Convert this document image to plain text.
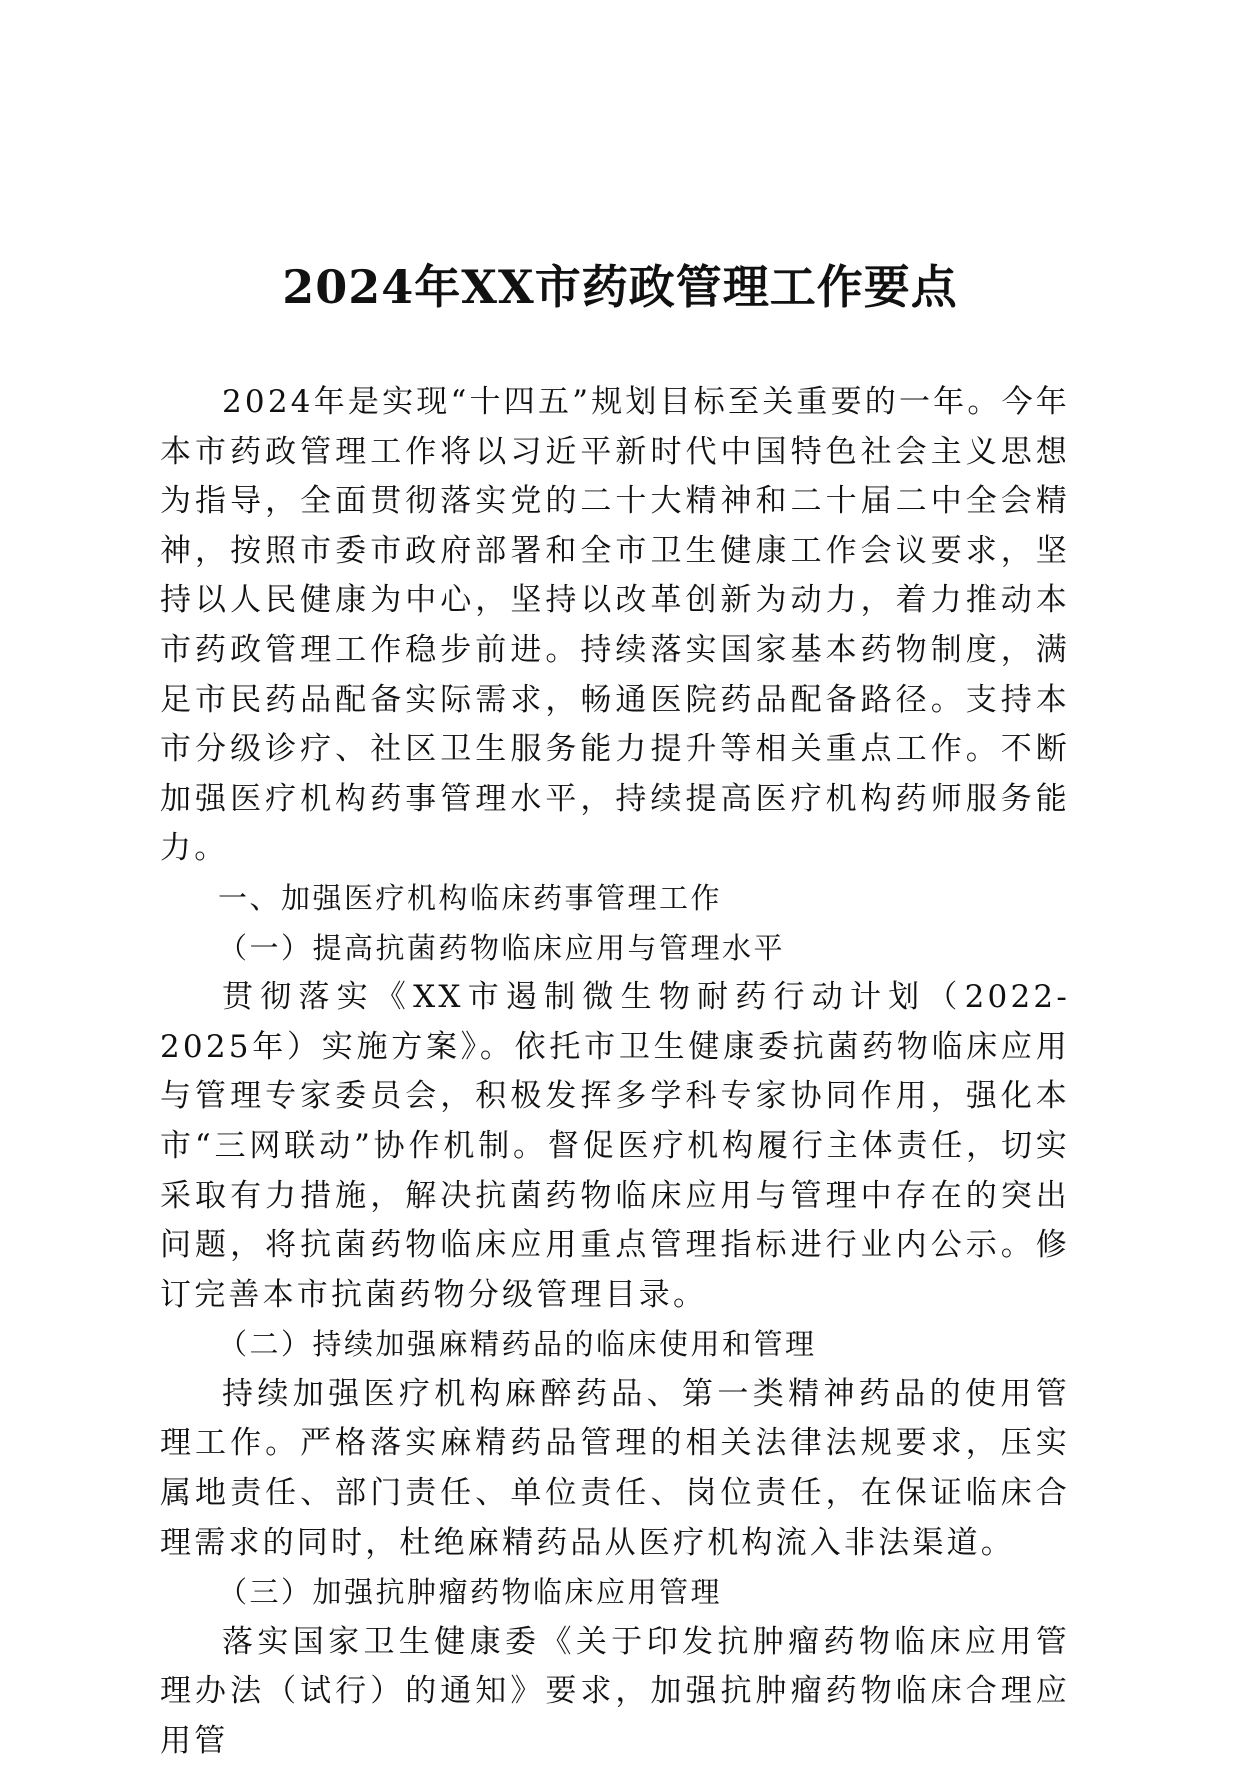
2024年XX市药政管理工作要点

2024年是实现“十四五”规划目标至关重要的一年。今年本市药政管理工作将以习近平新时代中国特色社会主义思想为指导，全面贯彻落实党的二十大精神和二十届二中全会精神，按照市委市政府部署和全市卫生健康工作会议要求，坚持以人民健康为中心，坚持以改革创新为动力，着力推动本市药政管理工作稳步前进。持续落实国家基本药物制度，满足市民药品配备实际需求，畅通医院药品配备路径。支持本市分级诊疗、社区卫生服务能力提升等相关重点工作。不断加强医疗机构药事管理水平，持续提高医疗机构药师服务能力。

一、加强医疗机构临床药事管理工作
（一）提高抗菌药物临床应用与管理水平

贯彻落实《XX市遏制微生物耐药行动计划（2022-2025年）实施方案》。依托市卫生健康委抗菌药物临床应用与管理专家委员会，积极发挥多学科专家协同作用，强化本市“三网联动”协作机制。督促医疗机构履行主体责任，切实采取有力措施，解决抗菌药物临床应用与管理中存在的突出问题，将抗菌药物临床应用重点管理指标进行业内公示。修订完善本市抗菌药物分级管理目录。

（二）持续加强麻精药品的临床使用和管理

持续加强医疗机构麻醉药品、第一类精神药品的使用管理工作。严格落实麻精药品管理的相关法律法规要求，压实属地责任、部门责任、单位责任、岗位责任，在保证临床合理需求的同时，杜绝麻精药品从医疗机构流入非法渠道。

（三）加强抗肿瘤药物临床应用管理

落实国家卫生健康委《关于印发抗肿瘤药物临床应用管理办法（试行）的通知》要求，加强抗肿瘤药物临床合理应用管
